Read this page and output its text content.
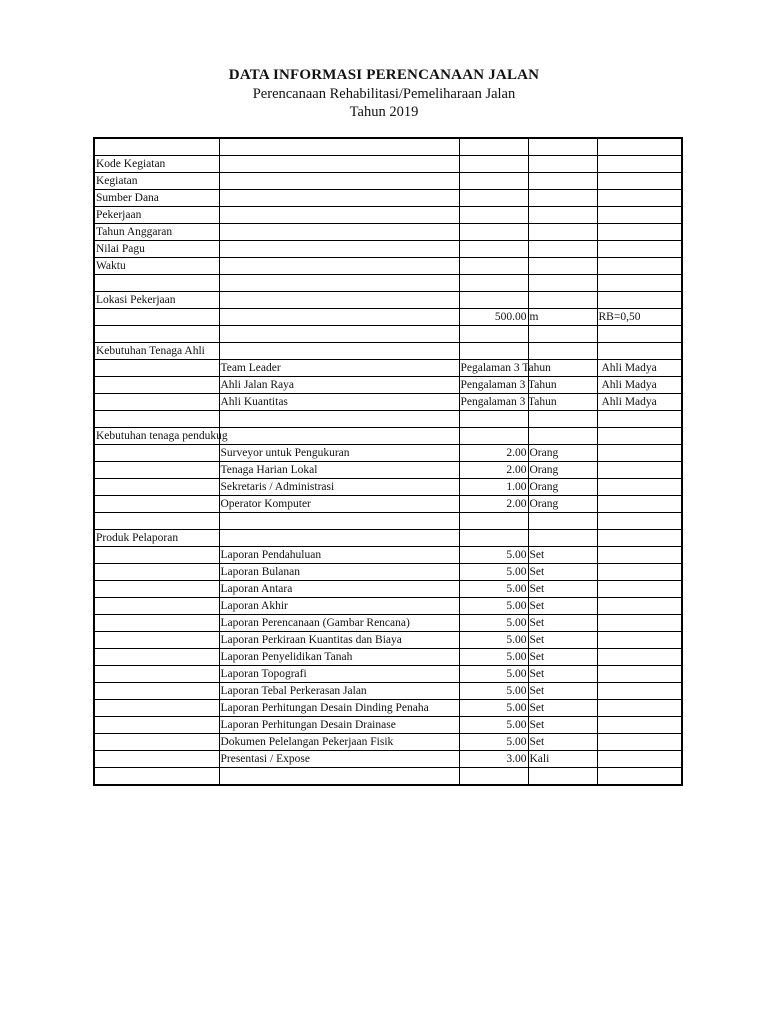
DATA INFORMASI PERENCANAAN JALAN
Perencanaan Rehabilitasi/Pemeliharaan Jalan
Tahun 2019

Kode Kegiatan				
Kegiatan				
Sumber Dana				
Pekerjaan				
Tahun Anggaran				
Nilai Pagu				
Waktu				

Lokasi Pekerjaan				
		500.00	m	RB=0,50

Kebutuhan Tenaga Ahli				
	Team Leader	Pegalaman 3 Tahun		Ahli Madya
	Ahli Jalan Raya	Pengalaman 3 Tahun		Ahli Madya
	Ahli Kuantitas	Pengalaman 3 Tahun		Ahli Madya

Kebutuhan tenaga pendukug				
	Surveyor untuk Pengukuran	2.00	Orang	
	Tenaga Harian Lokal	2.00	Orang	
	Sekretaris / Administrasi	1.00	Orang	
	Operator Komputer	2.00	Orang	

Produk Pelaporan				
	Laporan Pendahuluan	5.00	Set	
	Laporan Bulanan	5.00	Set	
	Laporan Antara	5.00	Set	
	Laporan Akhir	5.00	Set	
	Laporan Perencanaan (Gambar Rencana)	5.00	Set	
	Laporan Perkiraan Kuantitas dan Biaya	5.00	Set	
	Laporan Penyelidikan Tanah	5.00	Set	
	Laporan Topografi	5.00	Set	
	Laporan Tebal Perkerasan Jalan	5.00	Set	
	Laporan Perhitungan Desain Dinding Penaha	5.00	Set	
	Laporan Perhitungan Desain Drainase	5.00	Set	
	Dokumen Pelelangan Pekerjaan Fisik	5.00	Set	
	Presentasi / Expose	3.00	Kali	
